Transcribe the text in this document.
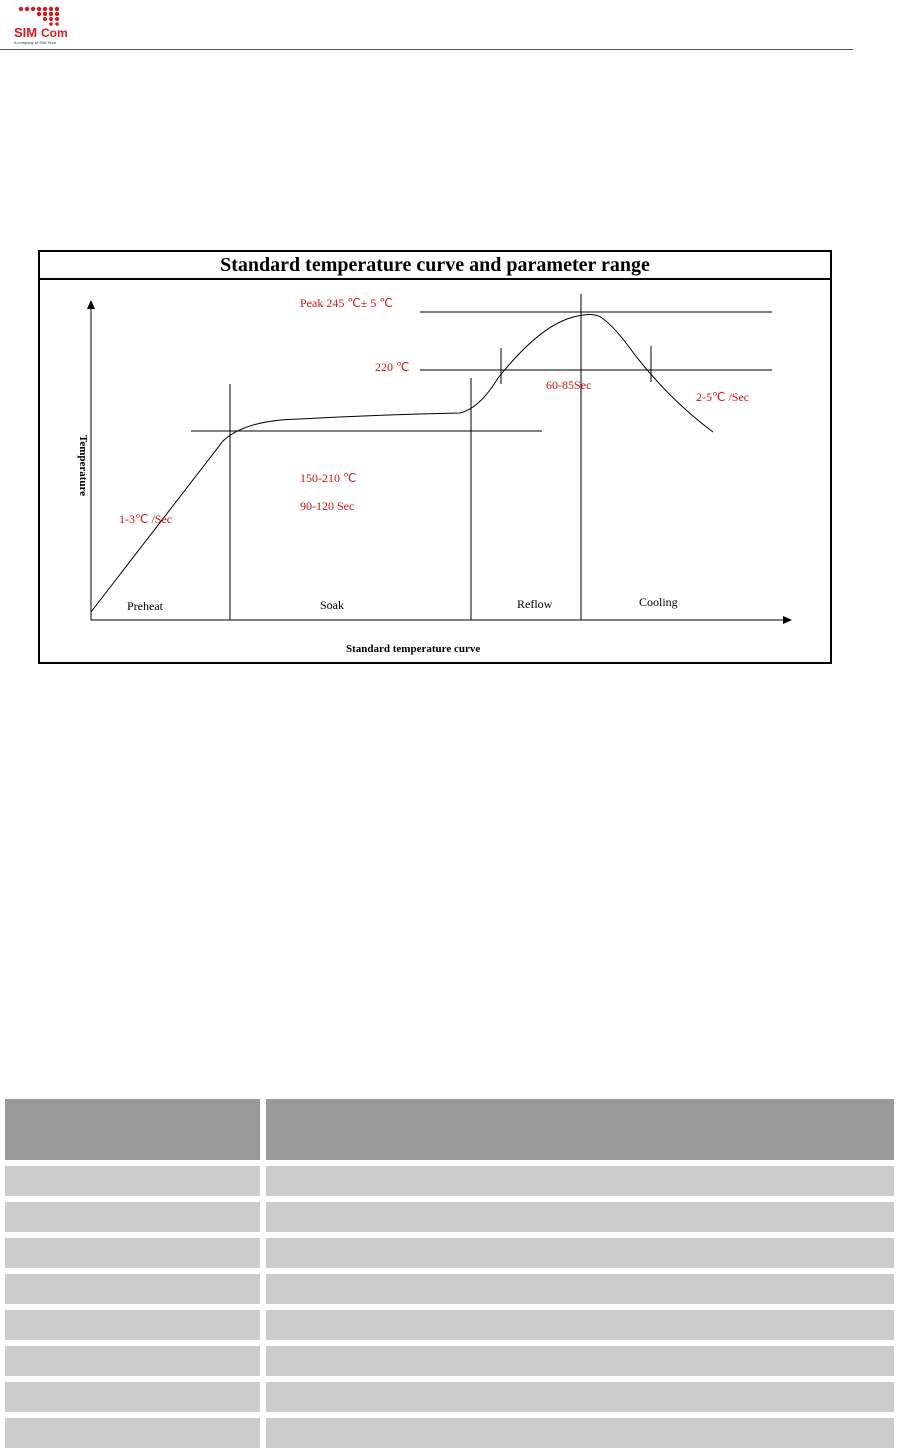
SIM Com
A company of SIM Tech
Standard temperature curve and parameter range
Temperature
Standard temperature curve
Peak 245 ℃± 5 ℃
220 ℃
60-85Sec
2-5℃ /Sec
150-210 ℃
90-120 Sec
1-3℃ /Sec
Preheat	Soak	Reflow	Cooling
